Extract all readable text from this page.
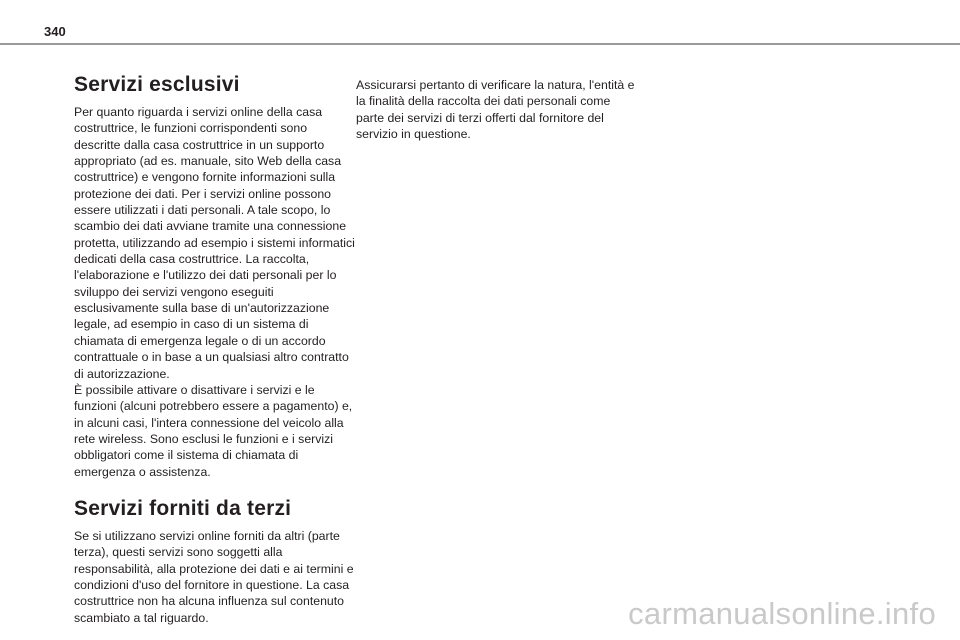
340
Servizi esclusivi

Per quanto riguarda i servizi online della casa costruttrice, le funzioni corrispondenti sono descritte dalla casa costruttrice in un supporto appropriato (ad es. manuale, sito Web della casa costruttrice) e vengono fornite informazioni sulla protezione dei dati. Per i servizi online possono essere utilizzati i dati personali. A tale scopo, lo scambio dei dati avviane tramite una connessione protetta, utilizzando ad esempio i sistemi informatici dedicati della casa costruttrice. La raccolta, l'elaborazione e l'utilizzo dei dati personali per lo sviluppo dei servizi vengono eseguiti esclusivamente sulla base di un'autorizzazione legale, ad esempio in caso di un sistema di chiamata di emergenza legale o di un accordo contrattuale o in base a un qualsiasi altro contratto di autorizzazione.

È possibile attivare o disattivare i servizi e le funzioni (alcuni potrebbero essere a pagamento) e, in alcuni casi, l'intera connessione del veicolo alla rete wireless. Sono esclusi le funzioni e i servizi obbligatori come il sistema di chiamata di emergenza o assistenza.

Servizi forniti da terzi

Se si utilizzano servizi online forniti da altri (parte terza), questi servizi sono soggetti alla responsabilità, alla protezione dei dati e ai termini e condizioni d'uso del fornitore in questione. La casa costruttrice non ha alcuna influenza sul contenuto scambiato a tal riguardo.

Assicurarsi pertanto di verificare la natura, l'entità e la finalità della raccolta dei dati personali come parte dei servizi di terzi offerti dal fornitore del servizio in questione.

carmanualsonline.info
